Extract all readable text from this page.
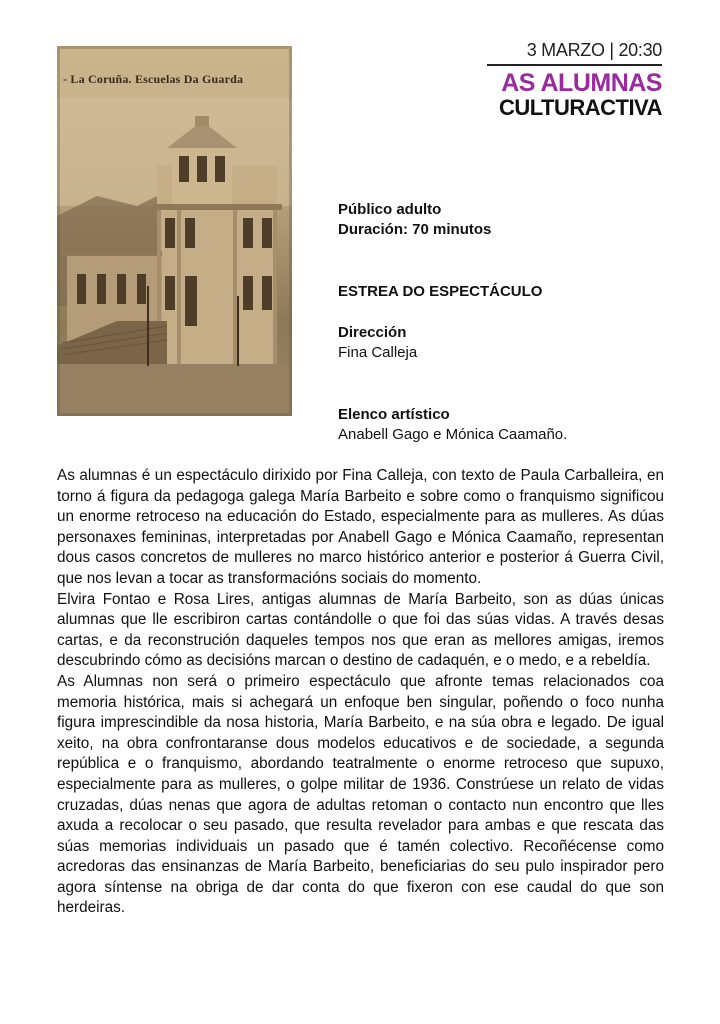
- La Coruña. Escuelas Da Guarda
3 MARZO | 20:30
AS ALUMNAS
CULTURACTIVA
Público adulto
Duración: 70 minutos
ESTREA DO ESPECTÁCULO
Dirección
Fina Calleja
Elenco artístico
Anabell Gago e Mónica Caamaño.

As alumnas é un espectáculo dirixido por Fina Calleja, con texto de Paula Carballeira, en torno á figura da pedagoga galega María Barbeito e sobre como o franquismo significou un enorme retroceso na educación do Estado, especialmente para as mulleres. As dúas personaxes femininas, interpretadas por Anabell Gago e Mónica Caamaño, representan dous casos concretos de mulleres no marco histórico anterior e posterior á Guerra Civil, que nos levan a tocar as transformacións sociais do momento.

Elvira Fontao e Rosa Lires, antigas alumnas de María Barbeito, son as dúas únicas alumnas que lle escribiron cartas contándolle o que foi das súas vidas. A través desas cartas, e da reconstrución daqueles tempos nos que eran as mellores amigas, iremos descubrindo cómo as decisións marcan o destino de cadaquén, e o medo, e a rebeldía.

As Alumnas non será o primeiro espectáculo que afronte temas relacionados coa memoria histórica, mais si achegará un enfoque ben singular, poñendo o foco nunha figura imprescindible da nosa historia, María Barbeito, e na súa obra e legado. De igual xeito, na obra confrontaranse dous modelos educativos e de sociedade, a segunda república e o franquismo, abordando teatralmente o enorme retroceso que supuxo, especialmente para as mulleres, o golpe militar de 1936. Constrúese un relato de vidas cruzadas, dúas nenas que agora de adultas retoman o contacto nun encontro que lles axuda a recolocar o seu pasado, que resulta revelador para ambas e que rescata das súas memorias individuais un pasado que é tamén colectivo. Recoñécense como acredoras das ensinanzas de María Barbeito, beneficiarias do seu pulo inspirador pero agora síntense na obriga de dar conta do que fixeron con ese caudal do que son herdeiras.
